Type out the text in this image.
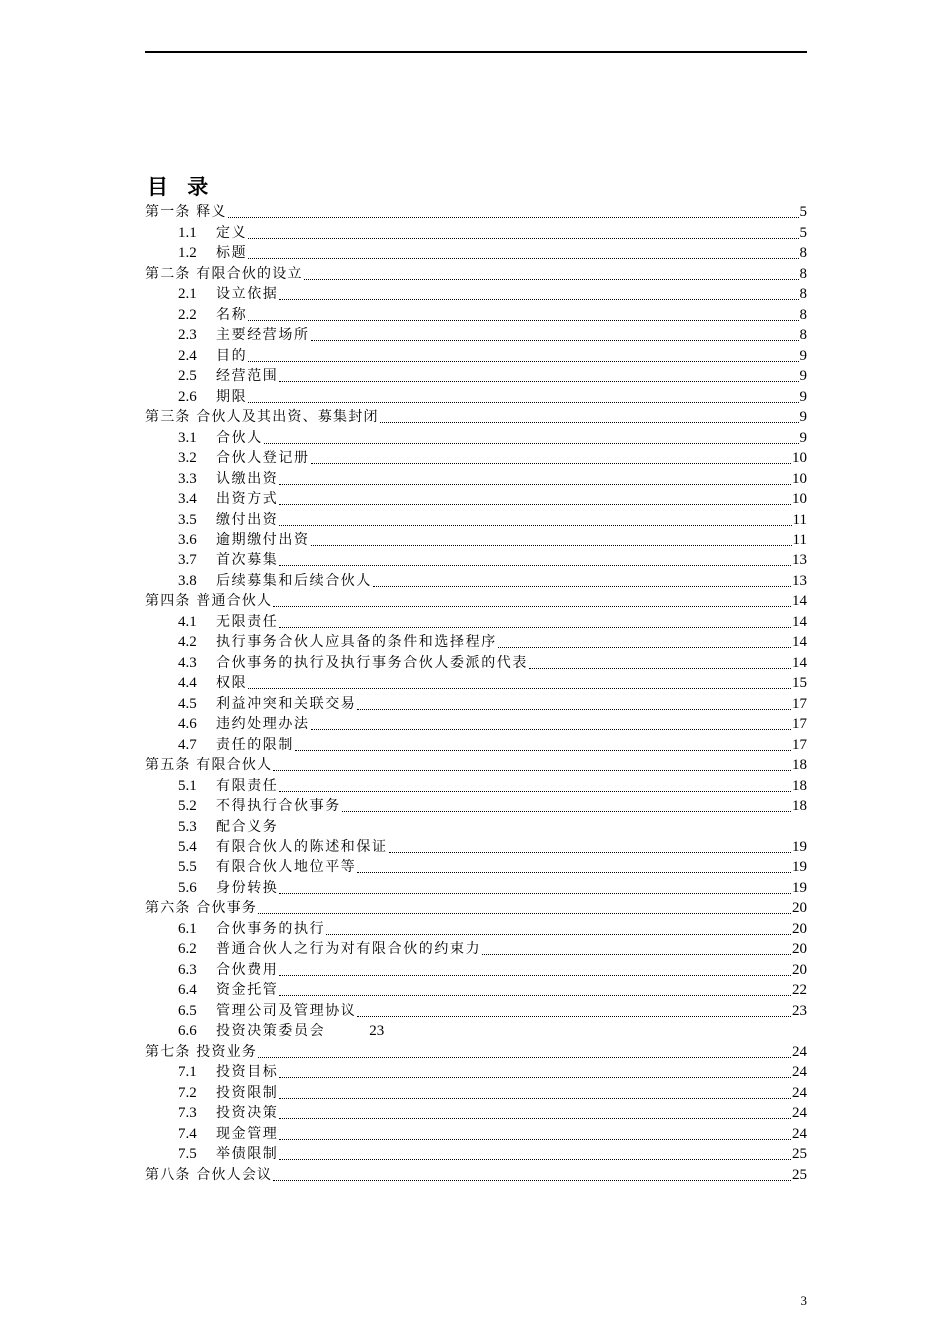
目 录
第一条 释义	5
1.1	定义	5
1.2	标题	8
第二条 有限合伙的设立	8
2.1	设立依据	8
2.2	名称	8
2.3	主要经营场所	8
2.4	目的	9
2.5	经营范围	9
2.6	期限	9
第三条 合伙人及其出资、募集封闭	9
3.1	合伙人	9
3.2	合伙人登记册	10
3.3	认缴出资	10
3.4	出资方式	10
3.5	缴付出资	11
3.6	逾期缴付出资	11
3.7	首次募集	13
3.8	后续募集和后续合伙人	13
第四条 普通合伙人	14
4.1	无限责任	14
4.2	执行事务合伙人应具备的条件和选择程序	14
4.3	合伙事务的执行及执行事务合伙人委派的代表	14
4.4	权限	15
4.5	利益冲突和关联交易	17
4.6	违约处理办法	17
4.7	责任的限制	17
第五条 有限合伙人	18
5.1	有限责任	18
5.2	不得执行合伙事务	18
5.3	配合义务
5.4	有限合伙人的陈述和保证	19
5.5	有限合伙人地位平等	19
5.6	身份转换	19
第六条 合伙事务	20
6.1	合伙事务的执行	20
6.2	普通合伙人之行为对有限合伙的约束力	20
6.3	合伙费用	20
6.4	资金托管	22
6.5	管理公司及管理协议	23
6.6	投资决策委员会	23
第七条 投资业务	24
7.1	投资目标	24
7.2	投资限制	24
7.3	投资决策	24
7.4	现金管理	24
7.5	举债限制	25
第八条 合伙人会议	25
3
